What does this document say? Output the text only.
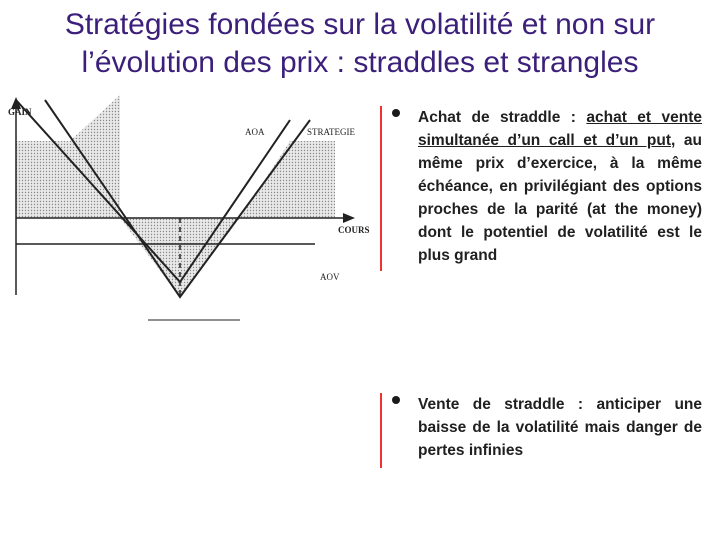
Stratégies fondées sur la volatilité et non sur l’évolution des prix : straddles et strangles
GAIN
AOA	STRATEGIE
COURS
AOV
Achat de straddle : achat et vente simultanée d’un call et d’un put, au même prix d’exercice, à la même échéance, en privilégiant des options proches de la parité (at the money) dont le potentiel de volatilité est le plus grand
Vente de straddle : anticiper une baisse de la volatilité mais danger de pertes infinies
